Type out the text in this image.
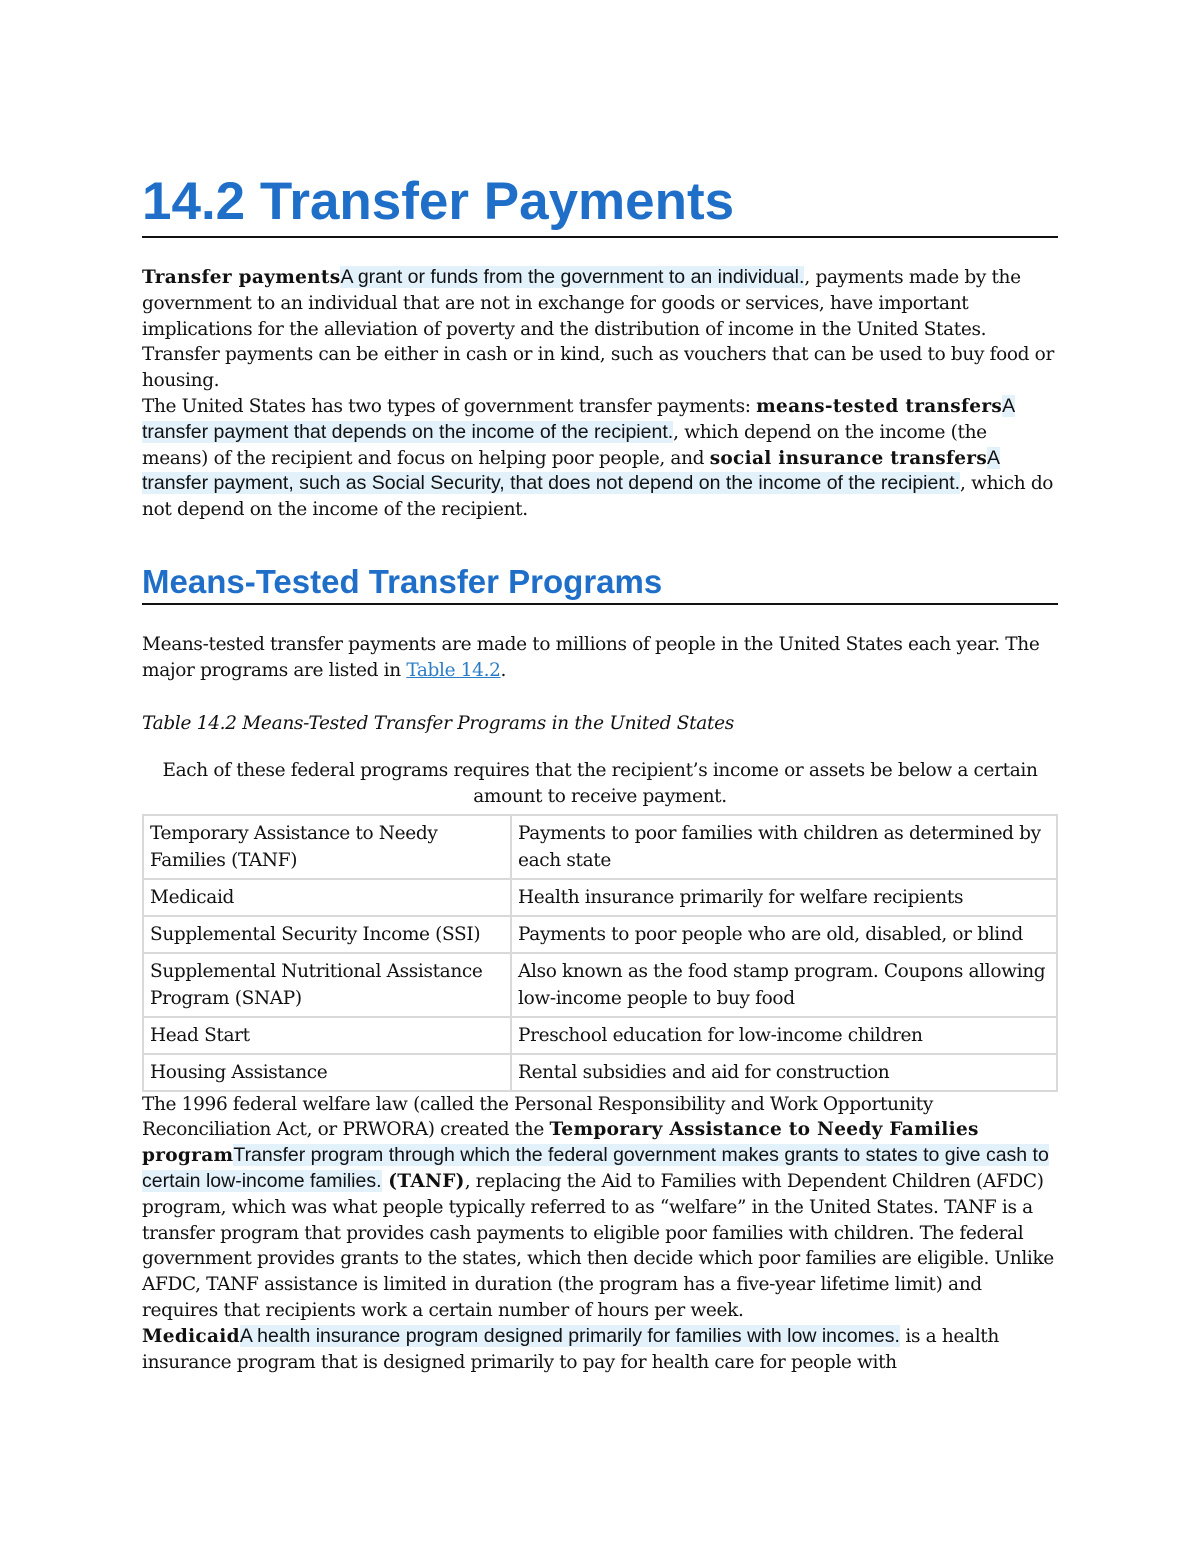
14.2 Transfer Payments

Transfer paymentsA grant or funds from the government to an individual., payments made by the government to an individual that are not in exchange for goods or services, have important implications for the alleviation of poverty and the distribution of income in the United States. Transfer payments can be either in cash or in kind, such as vouchers that can be used to buy food or housing.

The United States has two types of government transfer payments: means-tested transfersA transfer payment that depends on the income of the recipient., which depend on the income (the means) of the recipient and focus on helping poor people, and social insurance transfersA transfer payment, such as Social Security, that does not depend on the income of the recipient., which do not depend on the income of the recipient.

Means-Tested Transfer Programs

Means-tested transfer payments are made to millions of people in the United States each year. The major programs are listed in Table 14.2.

Table 14.2 Means-Tested Transfer Programs in the United States

Each of these federal programs requires that the recipient’s income or assets be below a certain amount to receive payment.

Temporary Assistance to Needy Families (TANF)	Payments to poor families with children as determined by each state
Medicaid	Health insurance primarily for welfare recipients
Supplemental Security Income (SSI)	Payments to poor people who are old, disabled, or blind
Supplemental Nutritional Assistance Program (SNAP)	Also known as the food stamp program. Coupons allowing low-income people to buy food
Head Start	Preschool education for low-income children
Housing Assistance	Rental subsidies and aid for construction

The 1996 federal welfare law (called the Personal Responsibility and Work Opportunity Reconciliation Act, or PRWORA) created the Temporary Assistance to Needy Families programTransfer program through which the federal government makes grants to states to give cash to certain low-income families. (TANF), replacing the Aid to Families with Dependent Children (AFDC) program, which was what people typically referred to as “welfare” in the United States. TANF is a transfer program that provides cash payments to eligible poor families with children. The federal government provides grants to the states, which then decide which poor families are eligible. Unlike AFDC, TANF assistance is limited in duration (the program has a five-year lifetime limit) and requires that recipients work a certain number of hours per week.

MedicaidA health insurance program designed primarily for families with low incomes. is a health insurance program that is designed primarily to pay for health care for people with
